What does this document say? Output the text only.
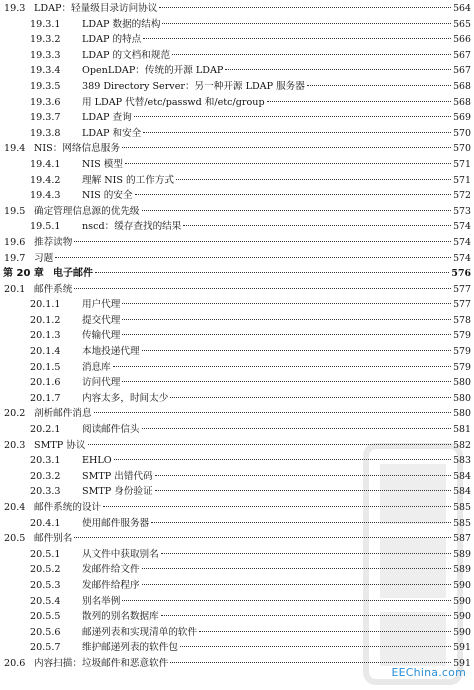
19.3 LDAP：轻量级目录访问协议	564
19.3.1	LDAP 数据的结构	565
19.3.2	LDAP 的特点	566
19.3.3	LDAP 的文档和规范	567
19.3.4	OpenLDAP：传统的开源 LDAP	567
19.3.5	389 Directory Server：另一种开源 LDAP 服务器	568
19.3.6	用 LDAP 代替/etc/passwd 和/etc/group	568
19.3.7	LDAP 查询	569
19.3.8	LDAP 和安全	570
19.4 NIS：网络信息服务	570
19.4.1	NIS 模型	571
19.4.2	理解 NIS 的工作方式	571
19.4.3	NIS 的安全	572
19.5 确定管理信息源的优先级	573
19.5.1	nscd：缓存查找的结果	574
19.6 推荐读物	574
19.7 习题	574
第 20 章 电子邮件	576
20.1 邮件系统	577
20.1.1	用户代理	577
20.1.2	提交代理	578
20.1.3	传输代理	579
20.1.4	本地投递代理	579
20.1.5	消息库	579
20.1.6	访问代理	580
20.1.7	内容太多，时间太少	580
20.2 剖析邮件消息	580
20.2.1	阅读邮件信头	581
20.3 SMTP 协议	582
20.3.1	EHLO	583
20.3.2	SMTP 出错代码	584
20.3.3	SMTP 身份验证	584
20.4 邮件系统的设计	585
20.4.1	使用邮件服务器	585
20.5 邮件别名	587
20.5.1	从文件中获取别名	589
20.5.2	发邮件给文件	589
20.5.3	发邮件给程序	590
20.5.4	别名举例	590
20.5.5	散列的别名数据库	590
20.5.6	邮递列表和实现清单的软件	590
20.5.7	维护邮递列表的软件包	591
20.6 内容扫描：垃圾邮件和恶意软件	591
EEChina.com
